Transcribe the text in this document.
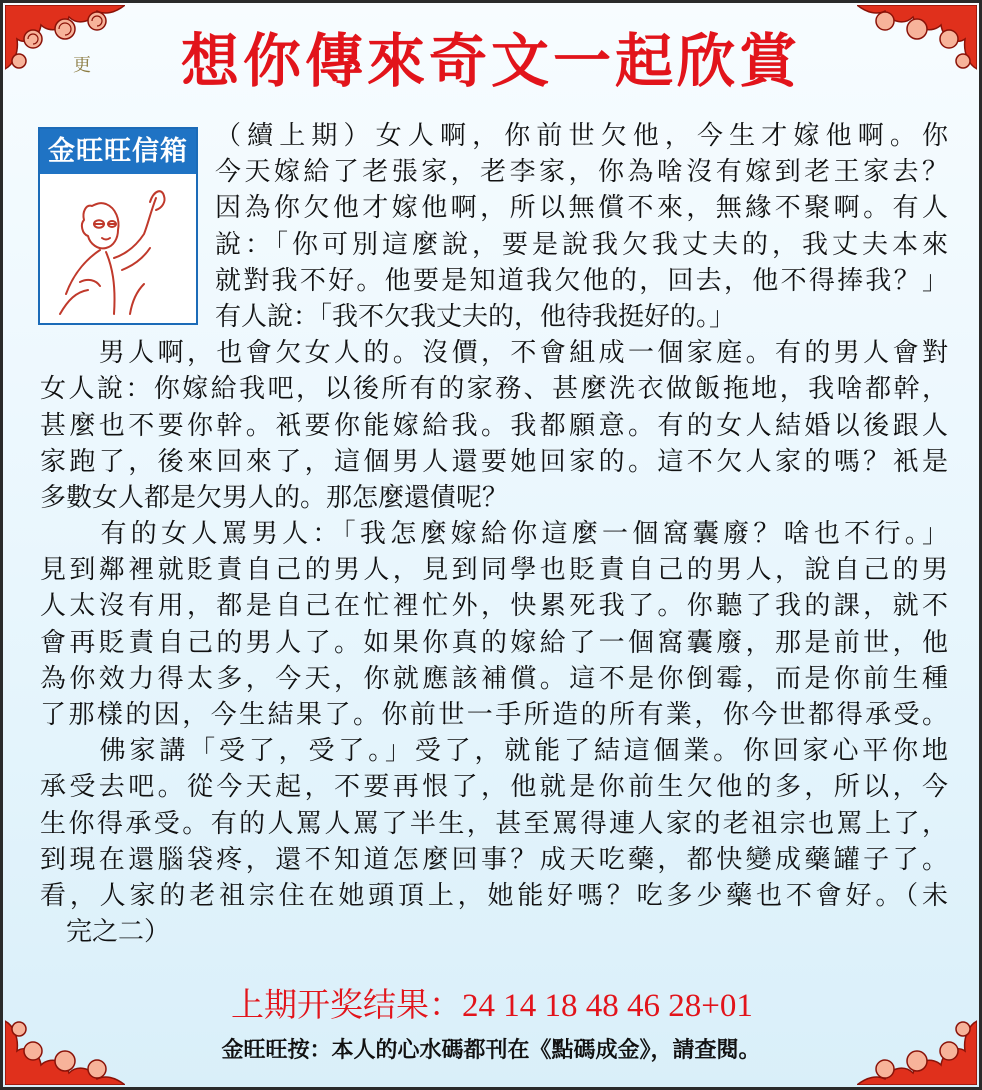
更	想你傳來奇文一起欣賞
金旺旺信箱	（續上期）女人啊，你前世欠他，今生才嫁他啊。你
今天嫁給了老張家，老李家，你為啥沒有嫁到老王家去？
因為你欠他才嫁他啊，所以無償不來，無緣不聚啊。有人
說：「你可別這麼說，要是說我欠我丈夫的，我丈夫本來
就對我不好。他要是知道我欠他的，回去，他不得捧我？」
有人說：「我不欠我丈夫的，他待我挺好的。」
　　男人啊，也會欠女人的。沒價，不會組成一個家庭。有的男人會對
女人說：你嫁給我吧，以後所有的家務、甚麼洗衣做飯拖地，我啥都幹，
甚麼也不要你幹。衹要你能嫁給我。我都願意。有的女人結婚以後跟人
家跑了，後來回來了，這個男人還要她回家的。這不欠人家的嗎？衹是
多數女人都是欠男人的。那怎麼還債呢？
　　有的女人罵男人：「我怎麼嫁給你這麼一個窩囊廢？啥也不行。」
見到鄰裡就貶責自己的男人，見到同學也貶責自己的男人，說自己的男
人太沒有用，都是自己在忙裡忙外，快累死我了。你聽了我的課，就不
會再貶責自己的男人了。如果你真的嫁給了一個窩囊廢，那是前世，他
為你效力得太多，今天，你就應該補償。這不是你倒霉，而是你前生種
了那樣的因，今生結果了。你前世一手所造的所有業，你今世都得承受。
　　佛家講「受了，受了。」受了，就能了結這個業。你回家心平你地
承受去吧。從今天起，不要再恨了，他就是你前生欠他的多，所以，今
生你得承受。有的人罵人罵了半生，甚至罵得連人家的老祖宗也罵上了，
到現在還腦袋疼，還不知道怎麼回事？成天吃藥，都快變成藥罐子了。
看，人家的老祖宗住在她頭頂上，她能好嗎？吃多少藥也不會好。（未
　完之二）
上期开奖结果：24 14 18 48 46 28+01
金旺旺按：本人的心水碼都刊在《點碼成金》，請查閱。
